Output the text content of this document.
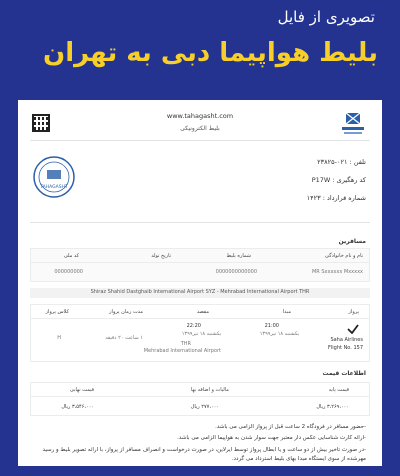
تصویری از فایل
بلیط هواپیما دبی به تهران
www.tahagasht.com
بلیط الکترونیکی
تلفن : ۰۲۱-۲۳۸۲۵
کد رهگیری : P17W
شماره قرارداد : ۱۴۲۳
TAHAGASHT
مسافرین
نام و نام خانوادگی
شماره بلیط
تاریخ تولد
کد ملی
MR Sxxxxxx Mxxxxx
0000000000000
000000000
Shiraz Shahid Dastghaib International Airport SYZ - Mehrabad International Airport THR
پرواز
مبدا
مقصد
مدت زمان پرواز
کلاس پرواز
Saha Airlines
Flight No. 157
21:00
یکشنبه ۱۸ تیر۱۳۹۹
22:20
یکشنبه ۱۸ تیر۱۳۹۹
THR
Mehrabad International Airport
۱ ساعت ۲۰ دقیقه
H
اطلاعات قیمت
قیمت پایه
مالیات و اضافه بها
قیمت نهایی
۳،۲۶۹،۰۰۰ ریال
۲۷۷،۰۰۰ ریال
۳،۵۴۶،۰۰۰ ریال
-حضور مسافر در فرودگاه 2 ساعت قبل از پرواز الزامی می باشد.
-ارائه کارت شناسایی عکس دار معتبر جهت سوار شدن به هواپیما الزامی می باشد.
-در صورت تاخیر بیش از دو ساعت و یا ابطال پرواز توسط ایرلاین، در صورت درخواست و انصراف مسافر از پرواز، با ارائه تصویر بلیط و رسید مهرشده از سوی ایستگاه مبدا بهای بلیط استرداد می گردد.
